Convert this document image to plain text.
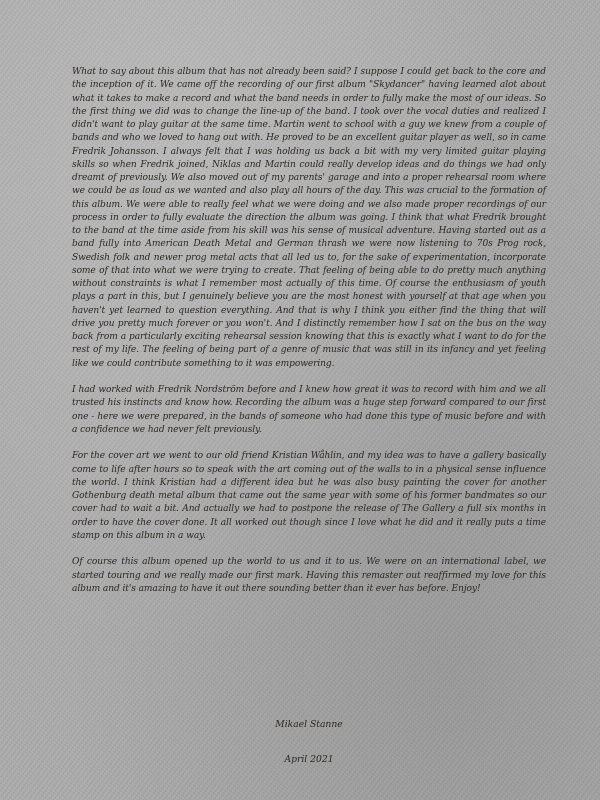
What to say about this album that has not already been said? I suppose I could get back to the core and the inception of it. We came off the recording of our first album "Skydancer" having learned alot about what it takes to make a record and what the band needs in order to fully make the most of our ideas. So the first thing we did was to change the line-up of the band. I took over the vocal duties and realized I didn't want to play guitar at the same time. Martin went to school with a guy we knew from a couple of bands and who we loved to hang out with. He proved to be an excellent guitar player as well, so in came Fredrik Johansson. I always felt that I was holding us back a bit with my very limited guitar playing skills so when Fredrik joined, Niklas and Martin could really develop ideas and do things we had only dreamt of previously. We also moved out of my parents' garage and into a proper rehearsal room where we could be as loud as we wanted and also play all hours of the day. This was crucial to the formation of this album. We were able to really feel what we were doing and we also made proper recordings of our process in order to fully evaluate the direction the album was going. I think that what Fredrik brought to the band at the time aside from his skill was his sense of musical adventure. Having started out as a band fully into American Death Metal and German thrash we were now listening to 70s Prog rock, Swedish folk and newer prog metal acts that all led us to, for the sake of experimentation, incorporate some of that into what we were trying to create. That feeling of being able to do pretty much anything without constraints is what I remember most actually of this time. Of course the enthusiasm of youth plays a part in this, but I genuinely believe you are the most honest with yourself at that age when you haven't yet learned to question everything. And that is why I think you either find the thing that will drive you pretty much forever or you won't. And I distinctly remember how I sat on the bus on the way back from a particularly exciting rehearsal session knowing that this is exactly what I want to do for the rest of my life. The feeling of being part of a genre of music that was still in its infancy and yet feeling like we could contribute something to it was empowering.

I had worked with Fredrik Nordström before and I knew how great it was to record with him and we all trusted his instincts and know how. Recording the album was a huge step forward compared to our first one - here we were prepared, in the bands of someone who had done this type of music before and with a confidence we had never felt previously.

For the cover art we went to our old friend Kristian Wåhlin, and my idea was to have a gallery basically come to life after hours so to speak with the art coming out of the walls to in a physical sense influence the world. I think Kristian had a different idea but he was also busy painting the cover for another Gothenburg death metal album that came out the same year with some of his former bandmates so our cover had to wait a bit. And actually we had to postpone the release of The Gallery a full six months in order to have the cover done. It all worked out though since I love what he did and it really puts a time stamp on this album in a way.

Of course this album opened up the world to us and it to us. We were on an international label, we started touring and we really made our first mark. Having this remaster out reaffirmed my love for this album and it's amazing to have it out there sounding better than it ever has before. Enjoy!

Mikael Stanne
April 2021
